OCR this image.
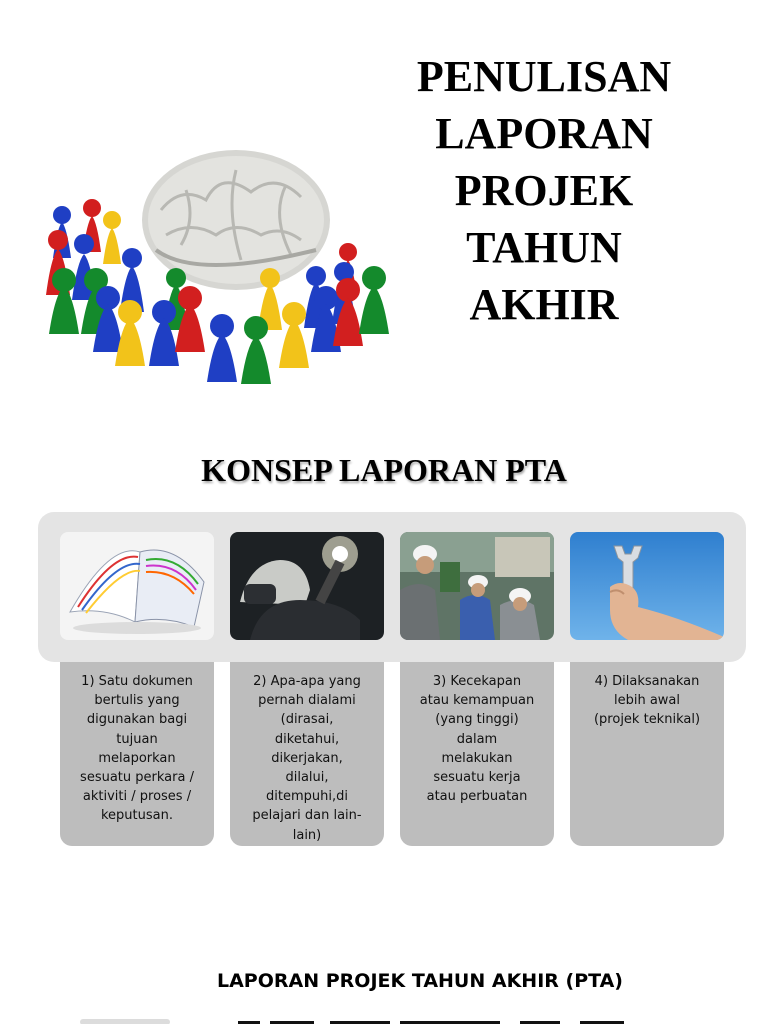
PENULISAN
LAPORAN
PROJEK
TAHUN
AKHIR
KONSEP LAPORAN PTA
1) Satu dokumen
bertulis yang
digunakan bagi
tujuan
melaporkan
sesuatu perkara /
aktiviti / proses /
keputusan.
2) Apa-apa yang
pernah dialami
(dirasai,
diketahui,
dikerjakan,
dilalui,
ditempuhi,di
pelajari dan lain-
lain)
3) Kecekapan
atau kemampuan
(yang tinggi)
dalam
melakukan
sesuatu kerja
atau perbuatan
4) Dilaksanakan
lebih awal
(projek teknikal)
LAPORAN PROJEK TAHUN AKHIR (PTA)
